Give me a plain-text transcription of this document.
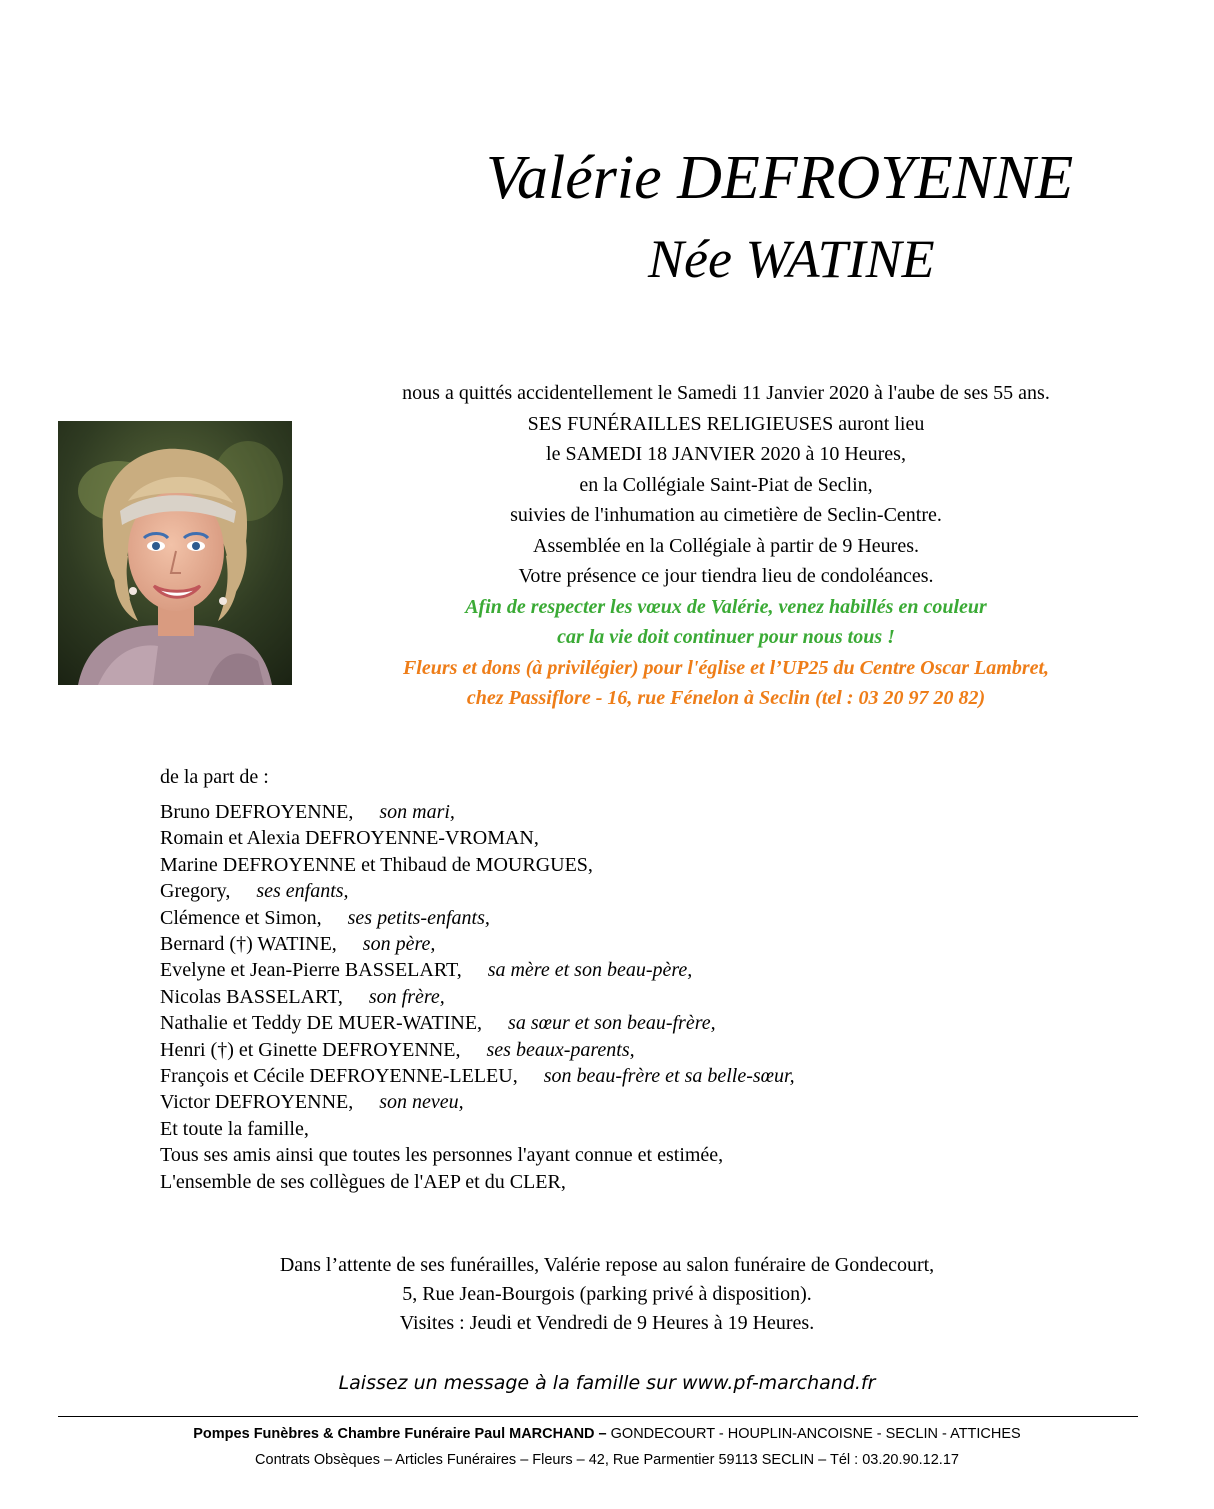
Valérie DEFROYENNE
Née WATINE
nous a quittés accidentellement le Samedi 11 Janvier 2020 à l'aube de ses 55 ans.
SES FUNÉRAILLES RELIGIEUSES auront lieu
le SAMEDI 18 JANVIER 2020 à 10 Heures,
en la Collégiale Saint-Piat de Seclin,
suivies de l'inhumation au cimetière de Seclin-Centre.
Assemblée en la Collégiale à partir de 9 Heures.
Votre présence ce jour tiendra lieu de condoléances.
Afin de respecter les vœux de Valérie, venez habillés en couleur
car la vie doit continuer pour nous tous !
Fleurs et dons (à privilégier) pour l'église et l’UP25 du Centre Oscar Lambret,
chez Passiflore - 16, rue Fénelon à Seclin (tel : 03 20 97 20 82)
de la part de :
Bruno DEFROYENNE, son mari,
Romain et Alexia DEFROYENNE-VROMAN,
Marine DEFROYENNE et Thibaud de MOURGUES,
Gregory, ses enfants,
Clémence et Simon, ses petits-enfants,
Bernard (†) WATINE, son père,
Evelyne et Jean-Pierre BASSELART, sa mère et son beau-père,
Nicolas BASSELART, son frère,
Nathalie et Teddy DE MUER-WATINE, sa sœur et son beau-frère,
Henri (†) et Ginette DEFROYENNE, ses beaux-parents,
François et Cécile DEFROYENNE-LELEU, son beau-frère et sa belle-sœur,
Victor DEFROYENNE, son neveu,
Et toute la famille,
Tous ses amis ainsi que toutes les personnes l'ayant connue et estimée,
L'ensemble de ses collègues de l'AEP et du CLER,
Dans l’attente de ses funérailles, Valérie repose au salon funéraire de Gondecourt,
5, Rue Jean-Bourgois (parking privé à disposition).
Visites : Jeudi et Vendredi de 9 Heures à 19 Heures.
Laissez un message à la famille sur www.pf-marchand.fr
Pompes Funèbres & Chambre Funéraire Paul MARCHAND – GONDECOURT - HOUPLIN-ANCOISNE - SECLIN - ATTICHES
Contrats Obsèques – Articles Funéraires – Fleurs – 42, Rue Parmentier 59113 SECLIN – Tél : 03.20.90.12.17
